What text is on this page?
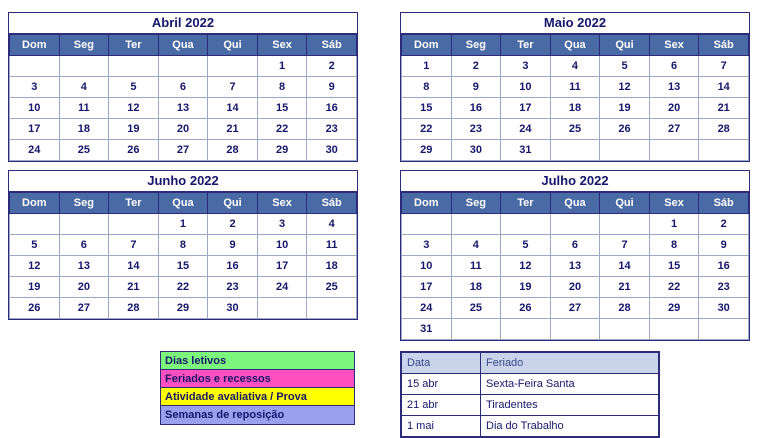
Abril 2022
Dom	Seg	Ter	Qua	Qui	Sex	Sáb
					1	2
3	4	5	6	7	8	9
10	11	12	13	14	15	16
17	18	19	20	21	22	23
24	25	26	27	28	29	30
Maio 2022
Dom	Seg	Ter	Qua	Qui	Sex	Sáb
1	2	3	4	5	6	7
8	9	10	11	12	13	14
15	16	17	18	19	20	21
22	23	24	25	26	27	28
29	30	31				
Junho 2022
Dom	Seg	Ter	Qua	Qui	Sex	Sáb
			1	2	3	4
5	6	7	8	9	10	11
12	13	14	15	16	17	18
19	20	21	22	23	24	25
26	27	28	29	30		
Julho 2022
Dom	Seg	Ter	Qua	Qui	Sex	Sáb
					1	2
3	4	5	6	7	8	9
10	11	12	13	14	15	16
17	18	19	20	21	22	23
24	25	26	27	28	29	30
31						
Dias letivos
Feriados e recessos
Atividade avaliativa / Prova
Semanas de reposição
Data	Feriado
15 abr	Sexta-Feira Santa
21 abr	Tiradentes
1 mai	Dia do Trabalho
